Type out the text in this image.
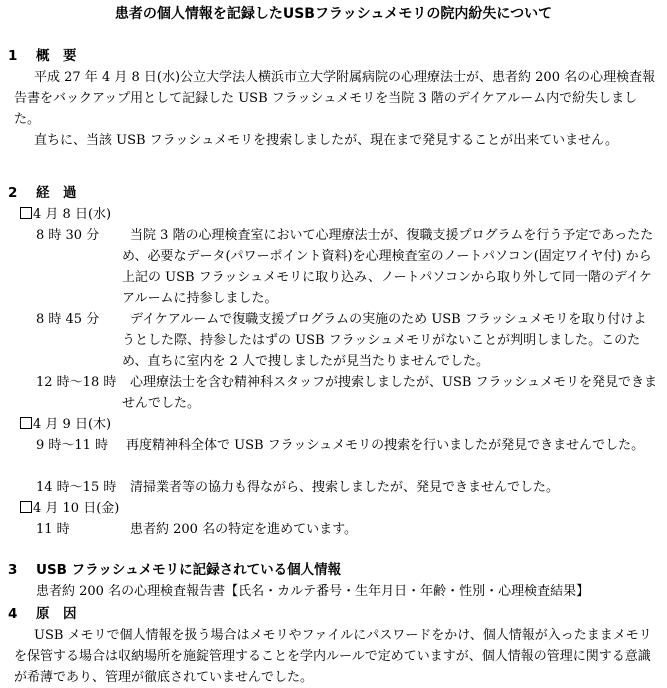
患者の個人情報を記録したUSBフラッシュメモリの院内紛失について
1 概　要
平成 27 年 4 月 8 日(水)公立大学法人横浜市立大学附属病院の心理療法士が、患者約 200 名の心理検査報告書をバックアップ用として記録した USB フラッシュメモリを当院 3 階のデイケアルーム内で紛失しました。
直ちに、当該 USB フラッシュメモリを捜索しましたが、現在まで発見することが出来ていません。
2 経　過
4 月 8 日(水)
8 時 30 分	当院 3 階の心理検査室において心理療法士が、復職支援プログラムを行う予定であったため、必要なデータ(パワーポイント資料)を心理検査室のノートパソコン(固定ワイヤ付) から上記の USB フラッシュメモリに取り込み、ノートパソコンから取り外して同一階のデイケアルームに持参しました。
8 時 45 分	デイケアルームで復職支援プログラムの実施のため USB フラッシュメモリを取り付けようとした際、持参したはずの USB フラッシュメモリがないことが判明しました。このため、直ちに室内を 2 人で捜しましたが見当たりませんでした。
12 時～18 時	心理療法士を含む精神科スタッフが捜索しましたが、USB フラッシュメモリを発見できませんでした。
4 月 9 日(木)
9 時～11 時	再度精神科全体で USB フラッシュメモリの捜索を行いましたが発見できませんでした。
14 時～15 時	清掃業者等の協力も得ながら、捜索しましたが、発見できませんでした。
4 月 10 日(金)
11 時	患者約 200 名の特定を進めています。
3 USB フラッシュメモリに記録されている個人情報
患者約 200 名の心理検査報告書【氏名・カルテ番号・生年月日・年齢・性別・心理検査結果】
4 原　因
USB メモリで個人情報を扱う場合はメモリやファイルにパスワードをかけ、個人情報が入ったままメモリを保管する場合は収納場所を施錠管理することを学内ルールで定めていますが、個人情報の管理に関する意識が希薄であり、管理が徹底されていませんでした。
